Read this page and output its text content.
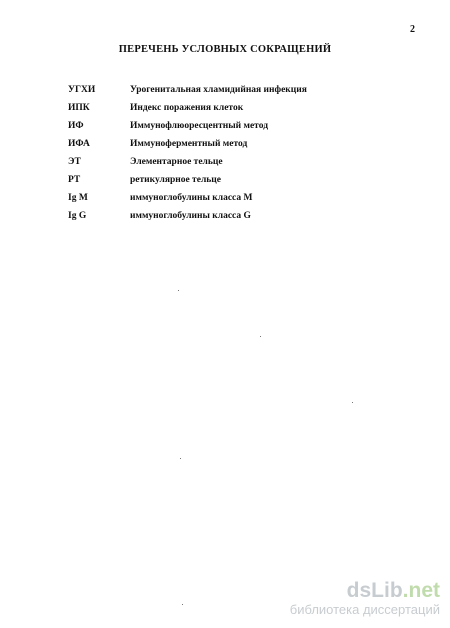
2
ПЕРЕЧЕНЬ УСЛОВНЫХ СОКРАЩЕНИЙ
УГХИ	Урогенитальная хламидийная инфекция
ИПК	Индекс поражения клеток
ИФ	Иммунофлюоресцентный метод
ИФА	Иммуноферментный метод
ЭТ	Элементарное тельце
РТ	ретикулярное тельце
Ig M	иммуноглобулины класса М
Ig G	иммуноглобулины класса G
dsLib.net
библиотека диссертаций
